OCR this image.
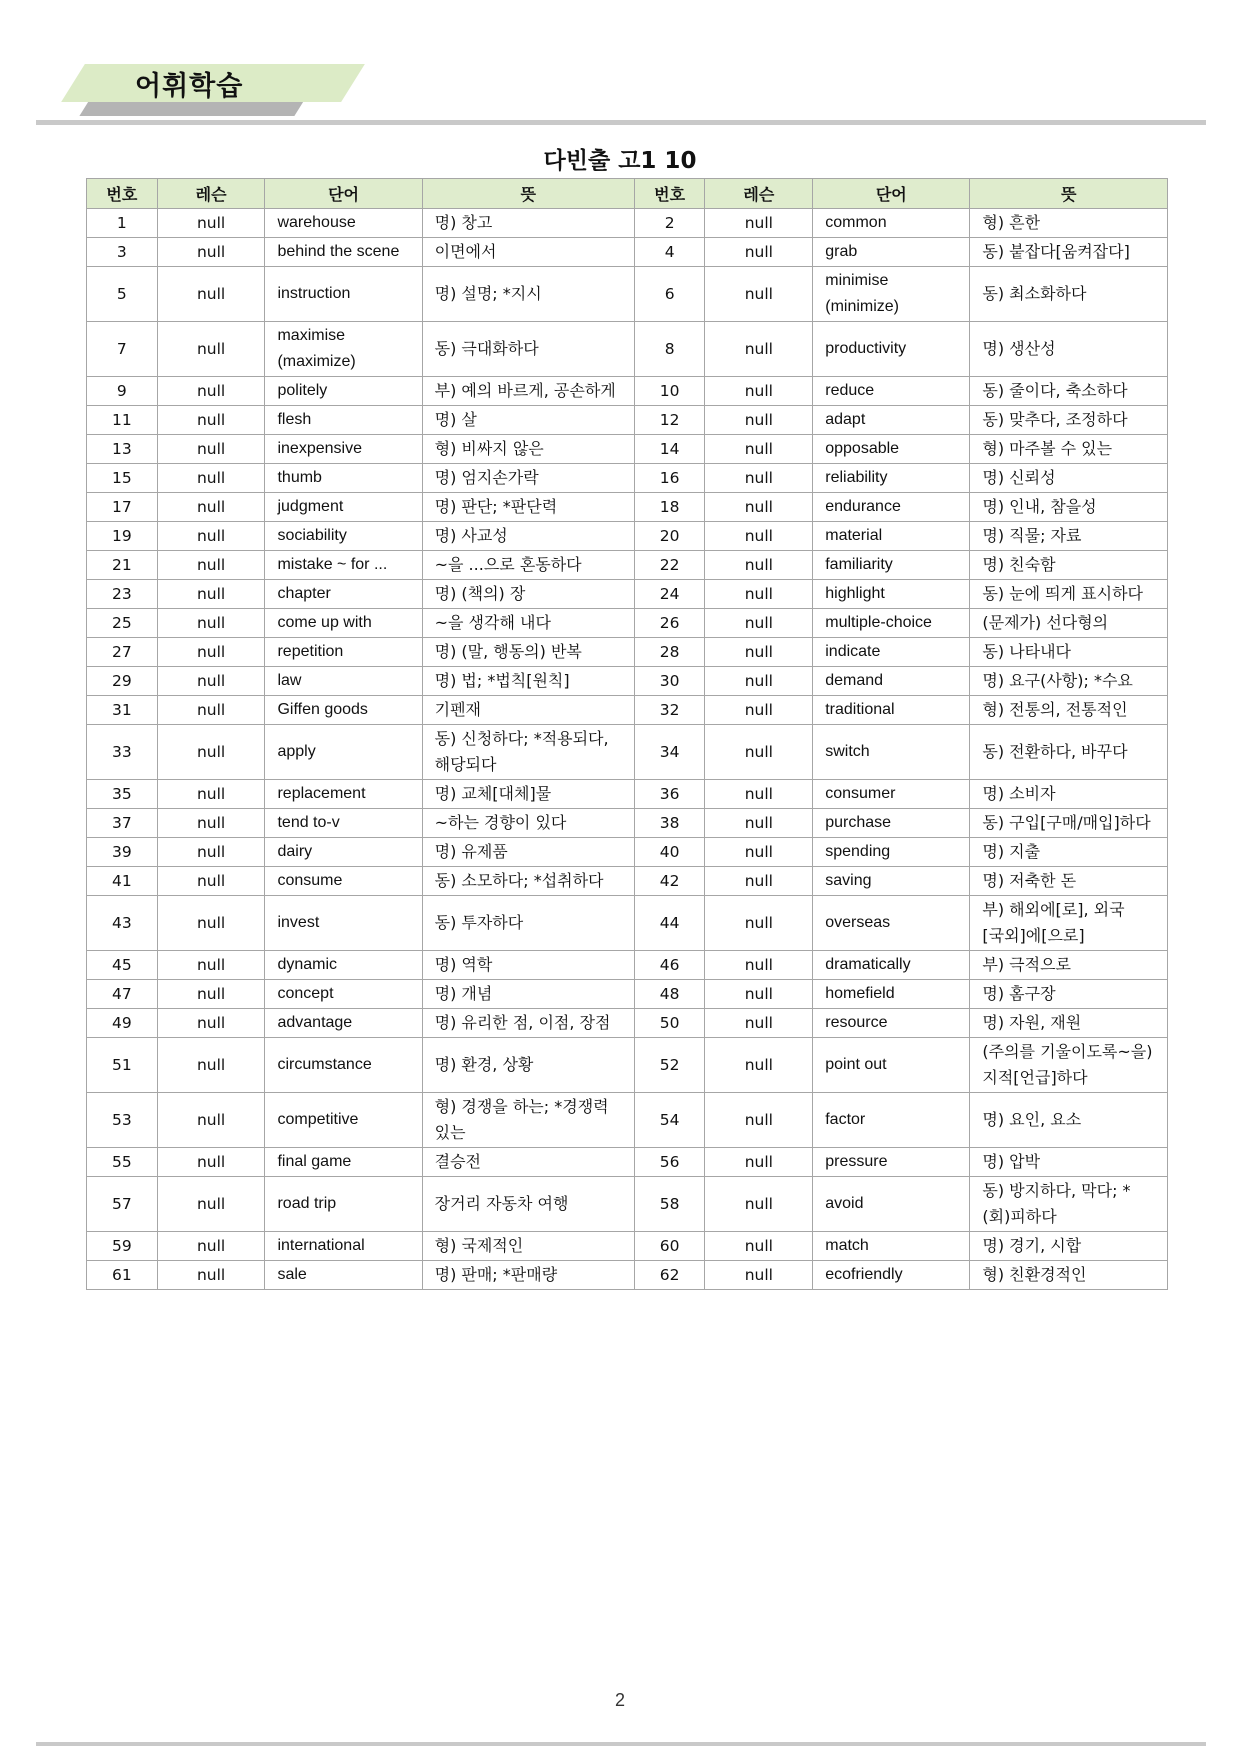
어휘학습
다빈출 고1 10
번호	레슨	단어	뜻	번호	레슨	단어	뜻
1	null	warehouse	명) 창고	2	null	common	형) 흔한
3	null	behind the scene	이면에서	4	null	grab	동) 붙잡다[움켜잡다]
5	null	instruction	명) 설명; *지시	6	null	minimise (minimize)	동) 최소화하다
7	null	maximise (maximize)	동) 극대화하다	8	null	productivity	명) 생산성
9	null	politely	부) 예의 바르게, 공손하게	10	null	reduce	동) 줄이다, 축소하다
11	null	flesh	명) 살	12	null	adapt	동) 맞추다, 조정하다
13	null	inexpensive	형) 비싸지 않은	14	null	opposable	형) 마주볼 수 있는
15	null	thumb	명) 엄지손가락	16	null	reliability	명) 신뢰성
17	null	judgment	명) 판단; *판단력	18	null	endurance	명) 인내, 참을성
19	null	sociability	명) 사교성	20	null	material	명) 직물; 자료
21	null	mistake ~ for ...	~을 ...으로 혼동하다	22	null	familiarity	명) 친숙함
23	null	chapter	명) (책의) 장	24	null	highlight	동) 눈에 띄게 표시하다
25	null	come up with	~을 생각해 내다	26	null	multiple-choice	(문제가) 선다형의
27	null	repetition	명) (말, 행동의) 반복	28	null	indicate	동) 나타내다
29	null	law	명) 법; *법칙[원칙]	30	null	demand	명) 요구(사항); *수요
31	null	Giffen goods	기펜재	32	null	traditional	형) 전통의, 전통적인
33	null	apply	동) 신청하다; *적용되다, 해당되다	34	null	switch	동) 전환하다, 바꾸다
35	null	replacement	명) 교체[대체]물	36	null	consumer	명) 소비자
37	null	tend to-v	~하는 경향이 있다	38	null	purchase	동) 구입[구매/매입]하다
39	null	dairy	명) 유제품	40	null	spending	명) 지출
41	null	consume	동) 소모하다; *섭취하다	42	null	saving	명) 저축한 돈
43	null	invest	동) 투자하다	44	null	overseas	부) 해외에[로], 외국[국외]에[으로]
45	null	dynamic	명) 역학	46	null	dramatically	부) 극적으로
47	null	concept	명) 개념	48	null	homefield	명) 홈구장
49	null	advantage	명) 유리한 점, 이점, 장점	50	null	resource	명) 자원, 재원
51	null	circumstance	명) 환경, 상황	52	null	point out	(주의를 기울이도록~을) 지적[언급]하다
53	null	competitive	형) 경쟁을 하는; *경쟁력 있는	54	null	factor	명) 요인, 요소
55	null	final game	결승전	56	null	pressure	명) 압박
57	null	road trip	장거리 자동차 여행	58	null	avoid	동) 방지하다, 막다; *(회)피하다
59	null	international	형) 국제적인	60	null	match	명) 경기, 시합
61	null	sale	명) 판매; *판매량	62	null	ecofriendly	형) 친환경적인
2
